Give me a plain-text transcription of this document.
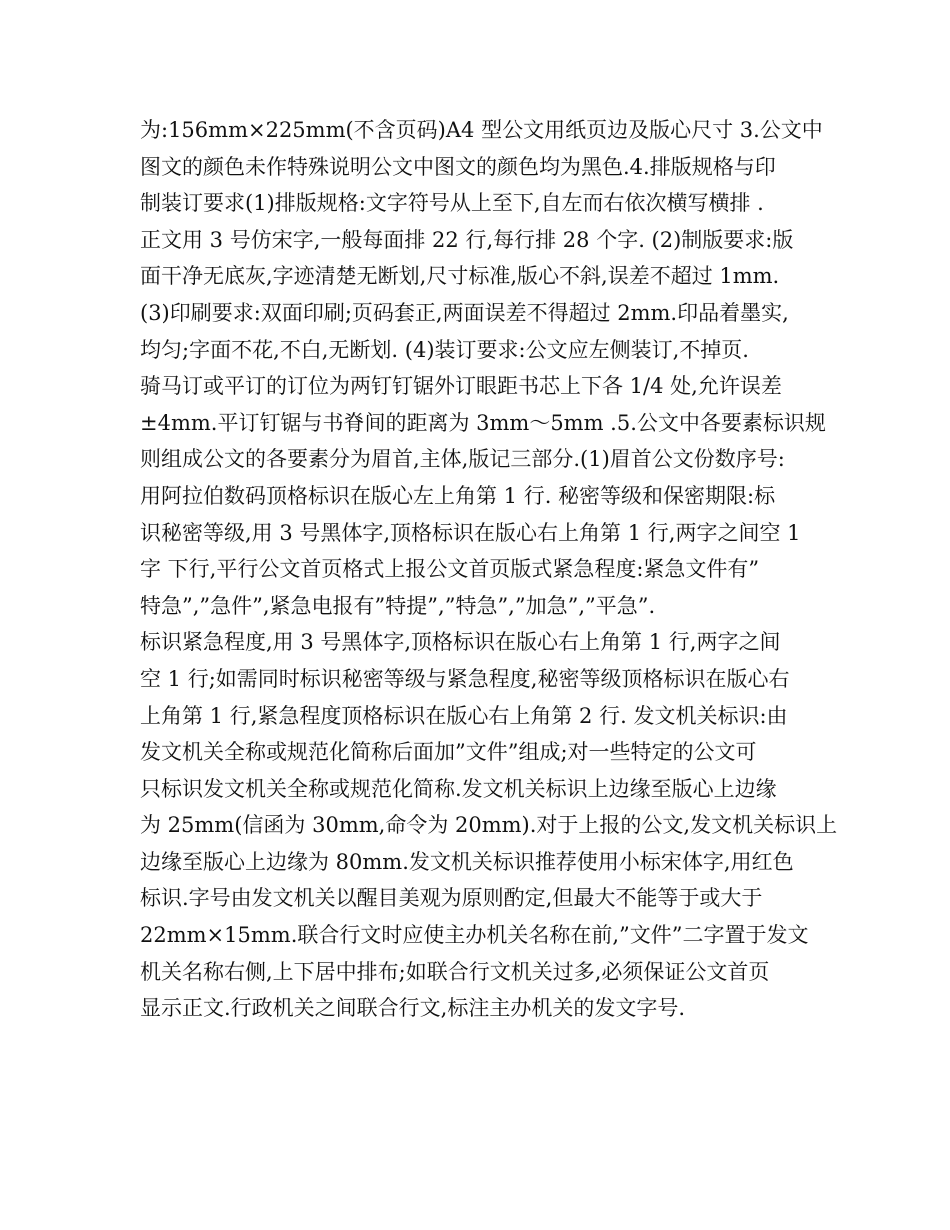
为:156mm×225mm(不含页码)A4 型公文用纸页边及版心尺寸 3.公文中
图文的颜色未作特殊说明公文中图文的颜色均为黑色.4.排版规格与印
制装订要求(1)排版规格:文字符号从上至下,自左而右依次横写横排 .
正文用 3 号仿宋字,一般每面排 22 行,每行排 28 个字. (2)制版要求:版
面干净无底灰,字迹清楚无断划,尺寸标准,版心不斜,误差不超过 1mm.
(3)印刷要求:双面印刷;页码套正,两面误差不得超过 2mm.印品着墨实,
均匀;字面不花,不白,无断划. (4)装订要求:公文应左侧装订,不掉页.
骑马订或平订的订位为两钉钉锯外订眼距书芯上下各 1/4 处,允许误差
±4mm.平订钉锯与书脊间的距离为 3mm～5mm .5.公文中各要素标识规
则组成公文的各要素分为眉首,主体,版记三部分.(1)眉首公文份数序号:
用阿拉伯数码顶格标识在版心左上角第 1 行. 秘密等级和保密期限:标
识秘密等级,用 3 号黑体字,顶格标识在版心右上角第 1 行,两字之间空 1
字 下行,平行公文首页格式上报公文首页版式紧急程度:紧急文件有”
特急”,”急件”,紧急电报有”特提”,”特急”,”加急”,”平急”.
标识紧急程度,用 3 号黑体字,顶格标识在版心右上角第 1 行,两字之间
空 1 行;如需同时标识秘密等级与紧急程度,秘密等级顶格标识在版心右
上角第 1 行,紧急程度顶格标识在版心右上角第 2 行. 发文机关标识:由
发文机关全称或规范化简称后面加”文件”组成;对一些特定的公文可
只标识发文机关全称或规范化简称.发文机关标识上边缘至版心上边缘
为 25mm(信函为 30mm,命令为 20mm).对于上报的公文,发文机关标识上
边缘至版心上边缘为 80mm.发文机关标识推荐使用小标宋体字,用红色
标识.字号由发文机关以醒目美观为原则酌定,但最大不能等于或大于
22mm×15mm.联合行文时应使主办机关名称在前,”文件”二字置于发文
机关名称右侧,上下居中排布;如联合行文机关过多,必须保证公文首页
显示正文.行政机关之间联合行文,标注主办机关的发文字号.
